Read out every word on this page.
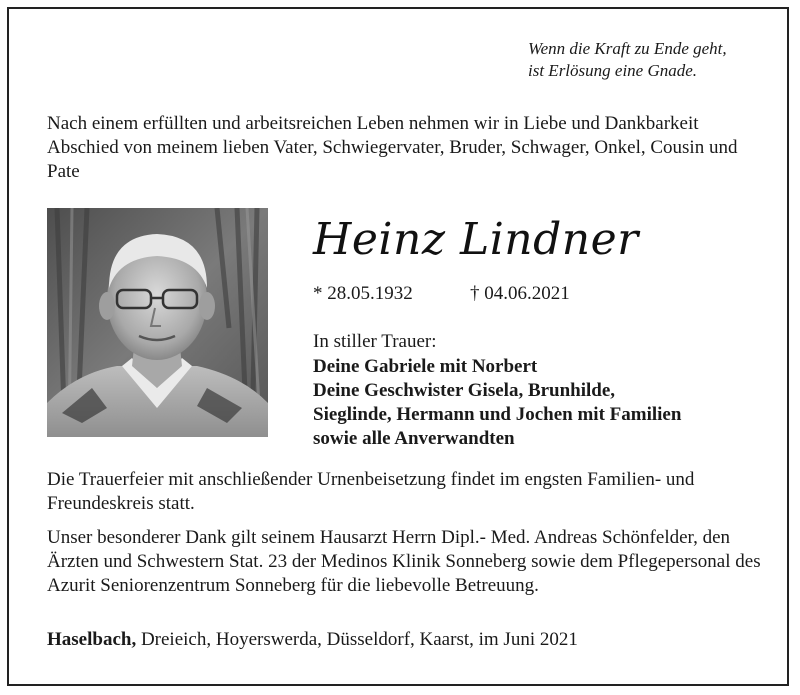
Wenn die Kraft zu Ende geht,
ist Erlösung eine Gnade.
Nach einem erfüllten und arbeitsreichen Leben nehmen wir in Liebe und Dankbarkeit Abschied von meinem lieben Vater, Schwiegervater, Bruder, Schwager, Onkel, Cousin und Pate
Heinz Lindner
* 28.05.1932	† 04.06.2021
In stiller Trauer:
Deine Gabriele mit Norbert
Deine Geschwister Gisela, Brunhilde,
Sieglinde, Hermann und Jochen mit Familien
sowie alle Anverwandten
Die Trauerfeier mit anschließender Urnenbeisetzung findet im engsten Familien- und Freundeskreis statt.
Unser besonderer Dank gilt seinem Hausarzt Herrn Dipl.- Med. Andreas Schönfelder, den Ärzten und Schwestern Stat. 23 der Medinos Klinik Sonneberg sowie dem Pflegepersonal des Azurit Seniorenzentrum Sonneberg für die liebevolle Betreuung.
Haselbach, Dreieich, Hoyerswerda, Düsseldorf, Kaarst, im Juni 2021
